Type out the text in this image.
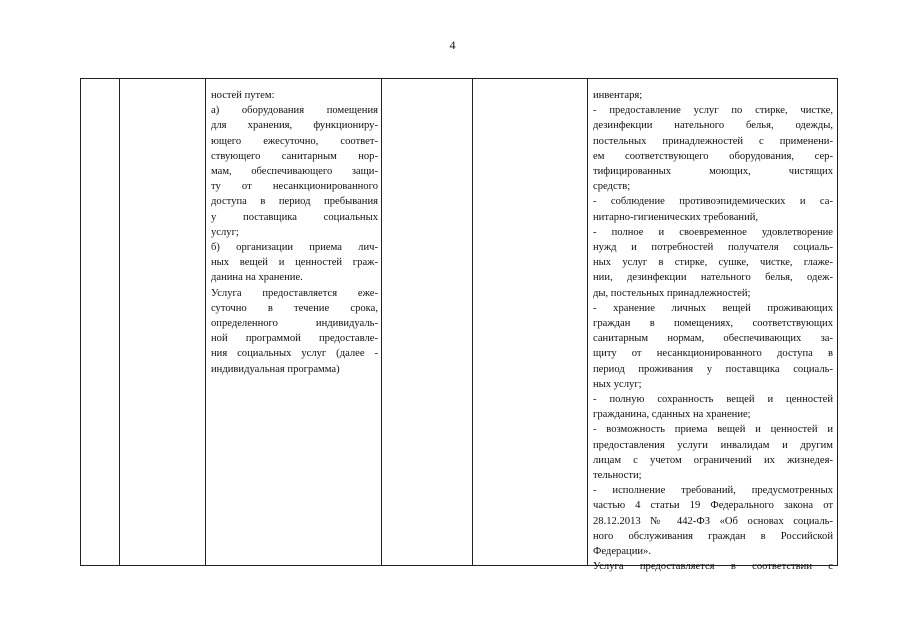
4
ностей путем:
а) оборудования помещения
для хранения, функциониру-
ющего ежесуточно, соответ-
ствующего санитарным нор-
мам, обеспечивающего защи-
ту от несанкционированного
доступа в период пребывания
у поставщика социальных
услуг;
б) организации приема лич-
ных вещей и ценностей граж-
данина на хранение.
Услуга предоставляется еже-
суточно в течение срока,
определенного индивидуаль-
ной программой предоставле-
ния социальных услуг (далее -
индивидуальная программа)
инвентаря;
- предоставление услуг по стирке, чистке,
дезинфекции нательного белья, одежды,
постельных принадлежностей с применени-
ем соответствующего оборудования, сер-
тифицированных моющих, чистящих
средств;
- соблюдение противоэпидемических и са-
нитарно-гигиенических требований,
- полное и своевременное удовлетворение
нужд и потребностей получателя социаль-
ных услуг в стирке, сушке, чистке, глаже-
нии, дезинфекции нательного белья, одеж-
ды, постельных принадлежностей;
- хранение личных вещей проживающих
граждан в помещениях, соответствующих
санитарным нормам, обеспечивающих за-
щиту от несанкционированного доступа в
период проживания у поставщика социаль-
ных услуг;
- полную сохранность вещей и ценностей
гражданина, сданных на хранение;
- возможность приема вещей и ценностей и
предоставления услуги инвалидам и другим
лицам с учетом ограничений их жизнедея-
тельности;
- исполнение требований, предусмотренных
частью 4 статьи 19 Федерального закона от
28.12.2013 № 442-ФЗ «Об основах социаль-
ного обслуживания граждан в Российской
Федерации».
Услуга предоставляется в соответствии с
